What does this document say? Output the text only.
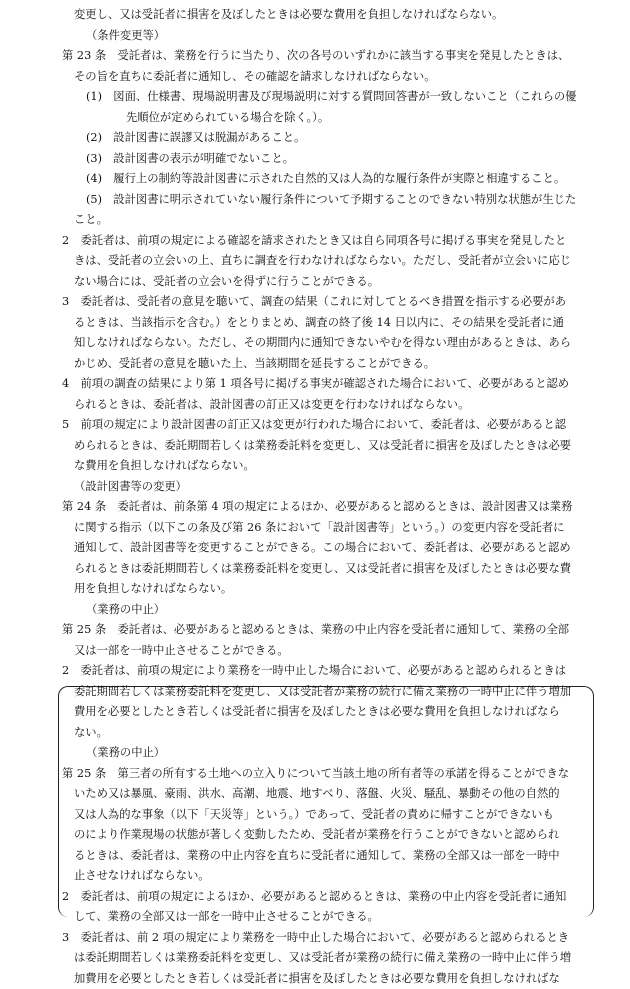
変更し、又は受託者に損害を及ぼしたときは必要な費用を負担しなければならない。
（条件変更等）
第 23 条　受託者は、業務を行うに当たり、次の各号のいずれかに該当する事実を発見したときは、
その旨を直ちに委託者に通知し、その確認を請求しなければならない。
(1)　図面、仕様書、現場説明書及び現場説明に対する質問回答書が一致しないこと（これらの優
先順位が定められている場合を除く。）。
(2)　設計図書に誤謬又は脱漏があること。
(3)　設計図書の表示が明確でないこと。
(4)　履行上の制約等設計図書に示された自然的又は人為的な履行条件が実際と相違すること。
(5)　設計図書に明示されていない履行条件について予期することのできない特別な状態が生じた
こと。
2　委託者は、前項の規定による確認を請求されたとき又は自ら同項各号に掲げる事実を発見したと
きは、受託者の立会いの上、直ちに調査を行わなければならない。ただし、受託者が立会いに応じ
ない場合には、受託者の立会いを得ずに行うことができる。
3　委託者は、受託者の意見を聴いて、調査の結果（これに対してとるべき措置を指示する必要があ
るときは、当該指示を含む。）をとりまとめ、調査の終了後 14 日以内に、その結果を受託者に通
知しなければならない。ただし、その期間内に通知できないやむを得ない理由があるときは、あら
かじめ、受託者の意見を聴いた上、当該期間を延長することができる。
4　前項の調査の結果により第 1 項各号に掲げる事実が確認された場合において、必要があると認め
られるときは、委託者は、設計図書の訂正又は変更を行わなければならない。
5　前項の規定により設計図書の訂正又は変更が行われた場合において、委託者は、必要があると認
められるときは、委託期間若しくは業務委託料を変更し、又は受託者に損害を及ぼしたときは必要
な費用を負担しなければならない。
（設計図書等の変更）
第 24 条　委託者は、前条第 4 項の規定によるほか、必要があると認めるときは、設計図書又は業務
に関する指示（以下この条及び第 26 条において「設計図書等」という。）の変更内容を受託者に
通知して、設計図書等を変更することができる。この場合において、委託者は、必要があると認め
られるときは委託期間若しくは業務委託料を変更し、又は受託者に損害を及ぼしたときは必要な費
用を負担しなければならない。
（業務の中止）
第 25 条　委託者は、必要があると認めるときは、業務の中止内容を受託者に通知して、業務の全部
又は一部を一時中止させることができる。
2　委託者は、前項の規定により業務を一時中止した場合において、必要があると認められるときは
委託期間若しくは業務委託料を変更し、又は受託者が業務の続行に備え業務の一時中止に伴う増加
費用を必要としたとき若しくは受託者に損害を及ぼしたときは必要な費用を負担しなければなら
ない。
（業務の中止）
第 25 条　第三者の所有する土地への立入りについて当該土地の所有者等の承諾を得ることができな
いため又は暴風、豪雨、洪水、高潮、地震、地すべり、落盤、火災、騒乱、暴動その他の自然的
又は人為的な事象（以下「天災等」という。）であって、受託者の責めに帰すことができないも
のにより作業現場の状態が著しく変動したため、受託者が業務を行うことができないと認められ
るときは、委託者は、業務の中止内容を直ちに受託者に通知して、業務の全部又は一部を一時中
止させなければならない。
2　委託者は、前項の規定によるほか、必要があると認めるときは、業務の中止内容を受託者に通知
して、業務の全部又は一部を一時中止させることができる。
3　委託者は、前 2 項の規定により業務を一時中止した場合において、必要があると認められるとき
は委託期間若しくは業務委託料を変更し、又は受託者が業務の続行に備え業務の一時中止に伴う増
加費用を必要としたとき若しくは受託者に損害を及ぼしたときは必要な費用を負担しなければな
